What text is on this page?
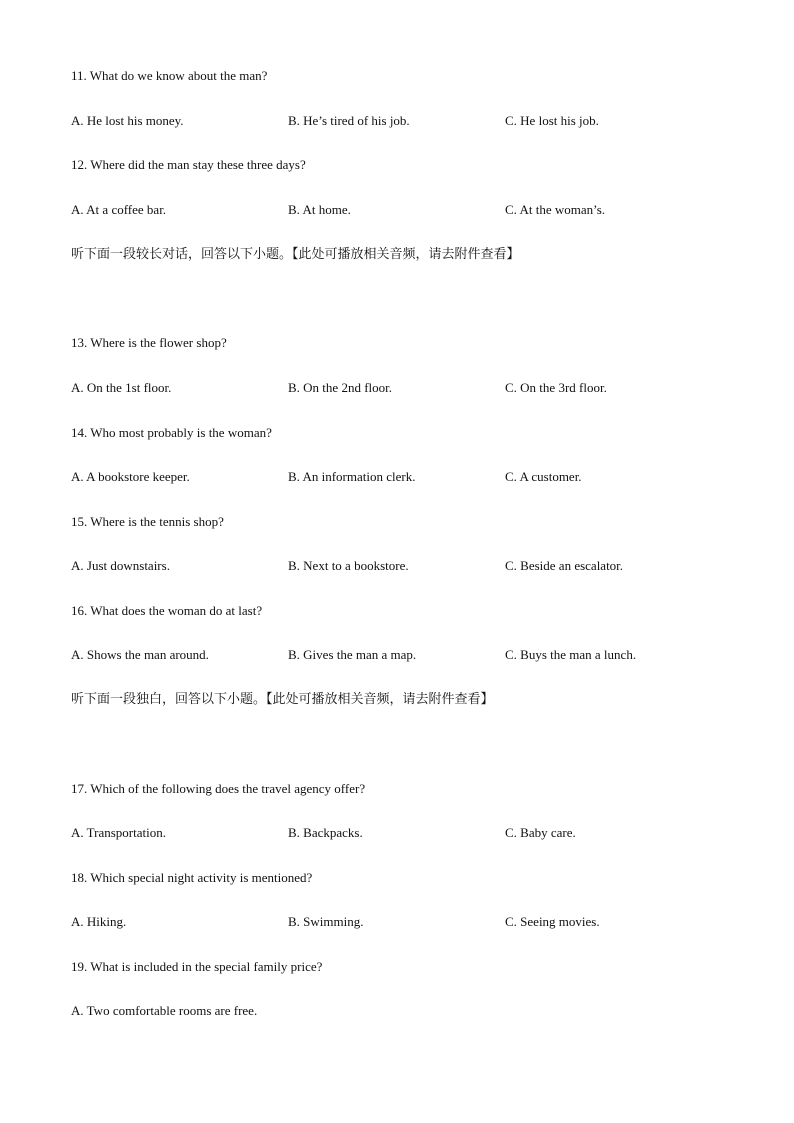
11. What do we know about the man?
A. He lost his money.	B. He’s tired of his job.	C. He lost his job.
12. Where did the man stay these three days?
A. At a coffee bar.	B. At home.	C. At the woman’s.
听下面一段较长对话，回答以下小题。【此处可播放相关音频，请去附件查看】
13. Where is the flower shop?
A. On the 1st floor.	B. On the 2nd floor.	C. On the 3rd floor.
14. Who most probably is the woman?
A. A bookstore keeper.	B. An information clerk.	C. A customer.
15. Where is the tennis shop?
A. Just downstairs.	B. Next to a bookstore.	C. Beside an escalator.
16. What does the woman do at last?
A. Shows the man around.	B. Gives the man a map.	C. Buys the man a lunch.
听下面一段独白，回答以下小题。【此处可播放相关音频，请去附件查看】
17. Which of the following does the travel agency offer?
A. Transportation.	B. Backpacks.	C. Baby care.
18. Which special night activity is mentioned?
A. Hiking.	B. Swimming.	C. Seeing movies.
19. What is included in the special family price?
A. Two comfortable rooms are free.
